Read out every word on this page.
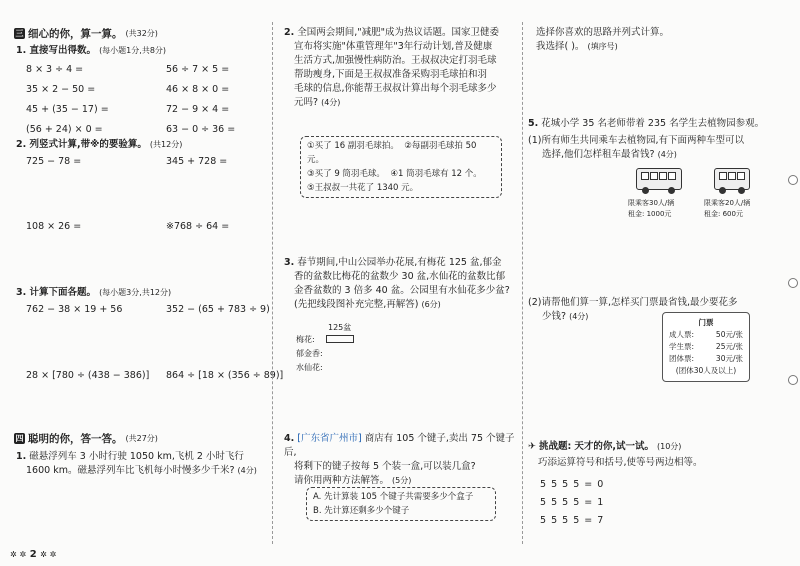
三 细心的你，算一算。 (共32分)
1. 直接写出得数。 (每小题1分,共8分)
8 × 3 ÷ 4 =	56 ÷ 7 × 5 =
35 × 2 − 50 =	46 × 8 × 0 =
45 + (35 − 17) =	72 − 9 × 4 =
(56 + 24) × 0 =	63 − 0 ÷ 36 =
2. 列竖式计算,带※的要验算。 (共12分)
725 − 78 =	345 + 728 =
108 × 26 =	※768 ÷ 64 =
3. 计算下面各题。 (每小题3分,共12分)
762 − 38 × 19 + 56	352 − (65 + 783 ÷ 9)
28 × [780 ÷ (438 − 386)] 864 ÷ [18 × (356 ÷ 89)]
四 聪明的你，答一答。 (共27分)
1. 磁悬浮列车 3 小时行驶 1050 km,飞机 2 小时飞行
1600 km。磁悬浮列车比飞机每小时慢多少千米? (4分)
2. 全国两会期间,"减肥"成为热议话题。国家卫健委
宣布将实施"体重管理年"3年行动计划,普及健康
生活方式,加强慢性病防治。王叔叔决定打羽毛球
帮助瘦身,下面是王叔叔准备采购羽毛球拍和羽
毛球的信息,你能帮王叔叔计算出每个羽毛球多少
元吗? (4分)
①买了 16 副羽毛球拍。 ②每副羽毛球拍 50 元。
③买了 9 筒羽毛球。 ④1 筒羽毛球有 12 个。
⑤王叔叔一共花了 1340 元。
3. 春节期间,中山公园举办花展,有梅花 125 盆,郁金
香的盆数比梅花的盆数少 30 盆,水仙花的盆数比郁
金香盆数的 3 倍多 40 盆。公园里有水仙花多少盆?
(先把线段图补充完整,再解答) (6分)
125盆
梅花:
郁金香:
水仙花:
4. [广东省广州市] 商店有 105 个键子,卖出 75 个键子后,
将剩下的键子按每 5 个装一盒,可以装几盒?
请你用两种方法解答。 (5分)
A. 先计算装 105 个键子共需要多少个盒子
B. 先计算还剩多少个键子
选择你喜欢的思路并列式计算。
我选择( )。 (填序号)
5. 花城小学 35 名老师带着 235 名学生去植物园参观。
(1)所有师生共同乘车去植物园,有下面两种车型可以
选择,他们怎样租车最省钱? (4分)
限乘客30人/辆
租金: 1000元
限乘客20人/辆
租金: 600元
(2)请帮他们算一算,怎样买门票最省钱,最少要花多
少钱? (4分)
门票
成人票:	50元/张
学生票:	25元/张
团体票:	30元/张
(团体30人及以上)
✈ 挑战题: 天才的你,试一试。 (10分)
巧添运算符号和括号,使等号两边相等。
5 5 5 5 = 0
5 5 5 5 = 1
5 5 5 5 = 7
✲ ✲ 2 ✲ ✲
